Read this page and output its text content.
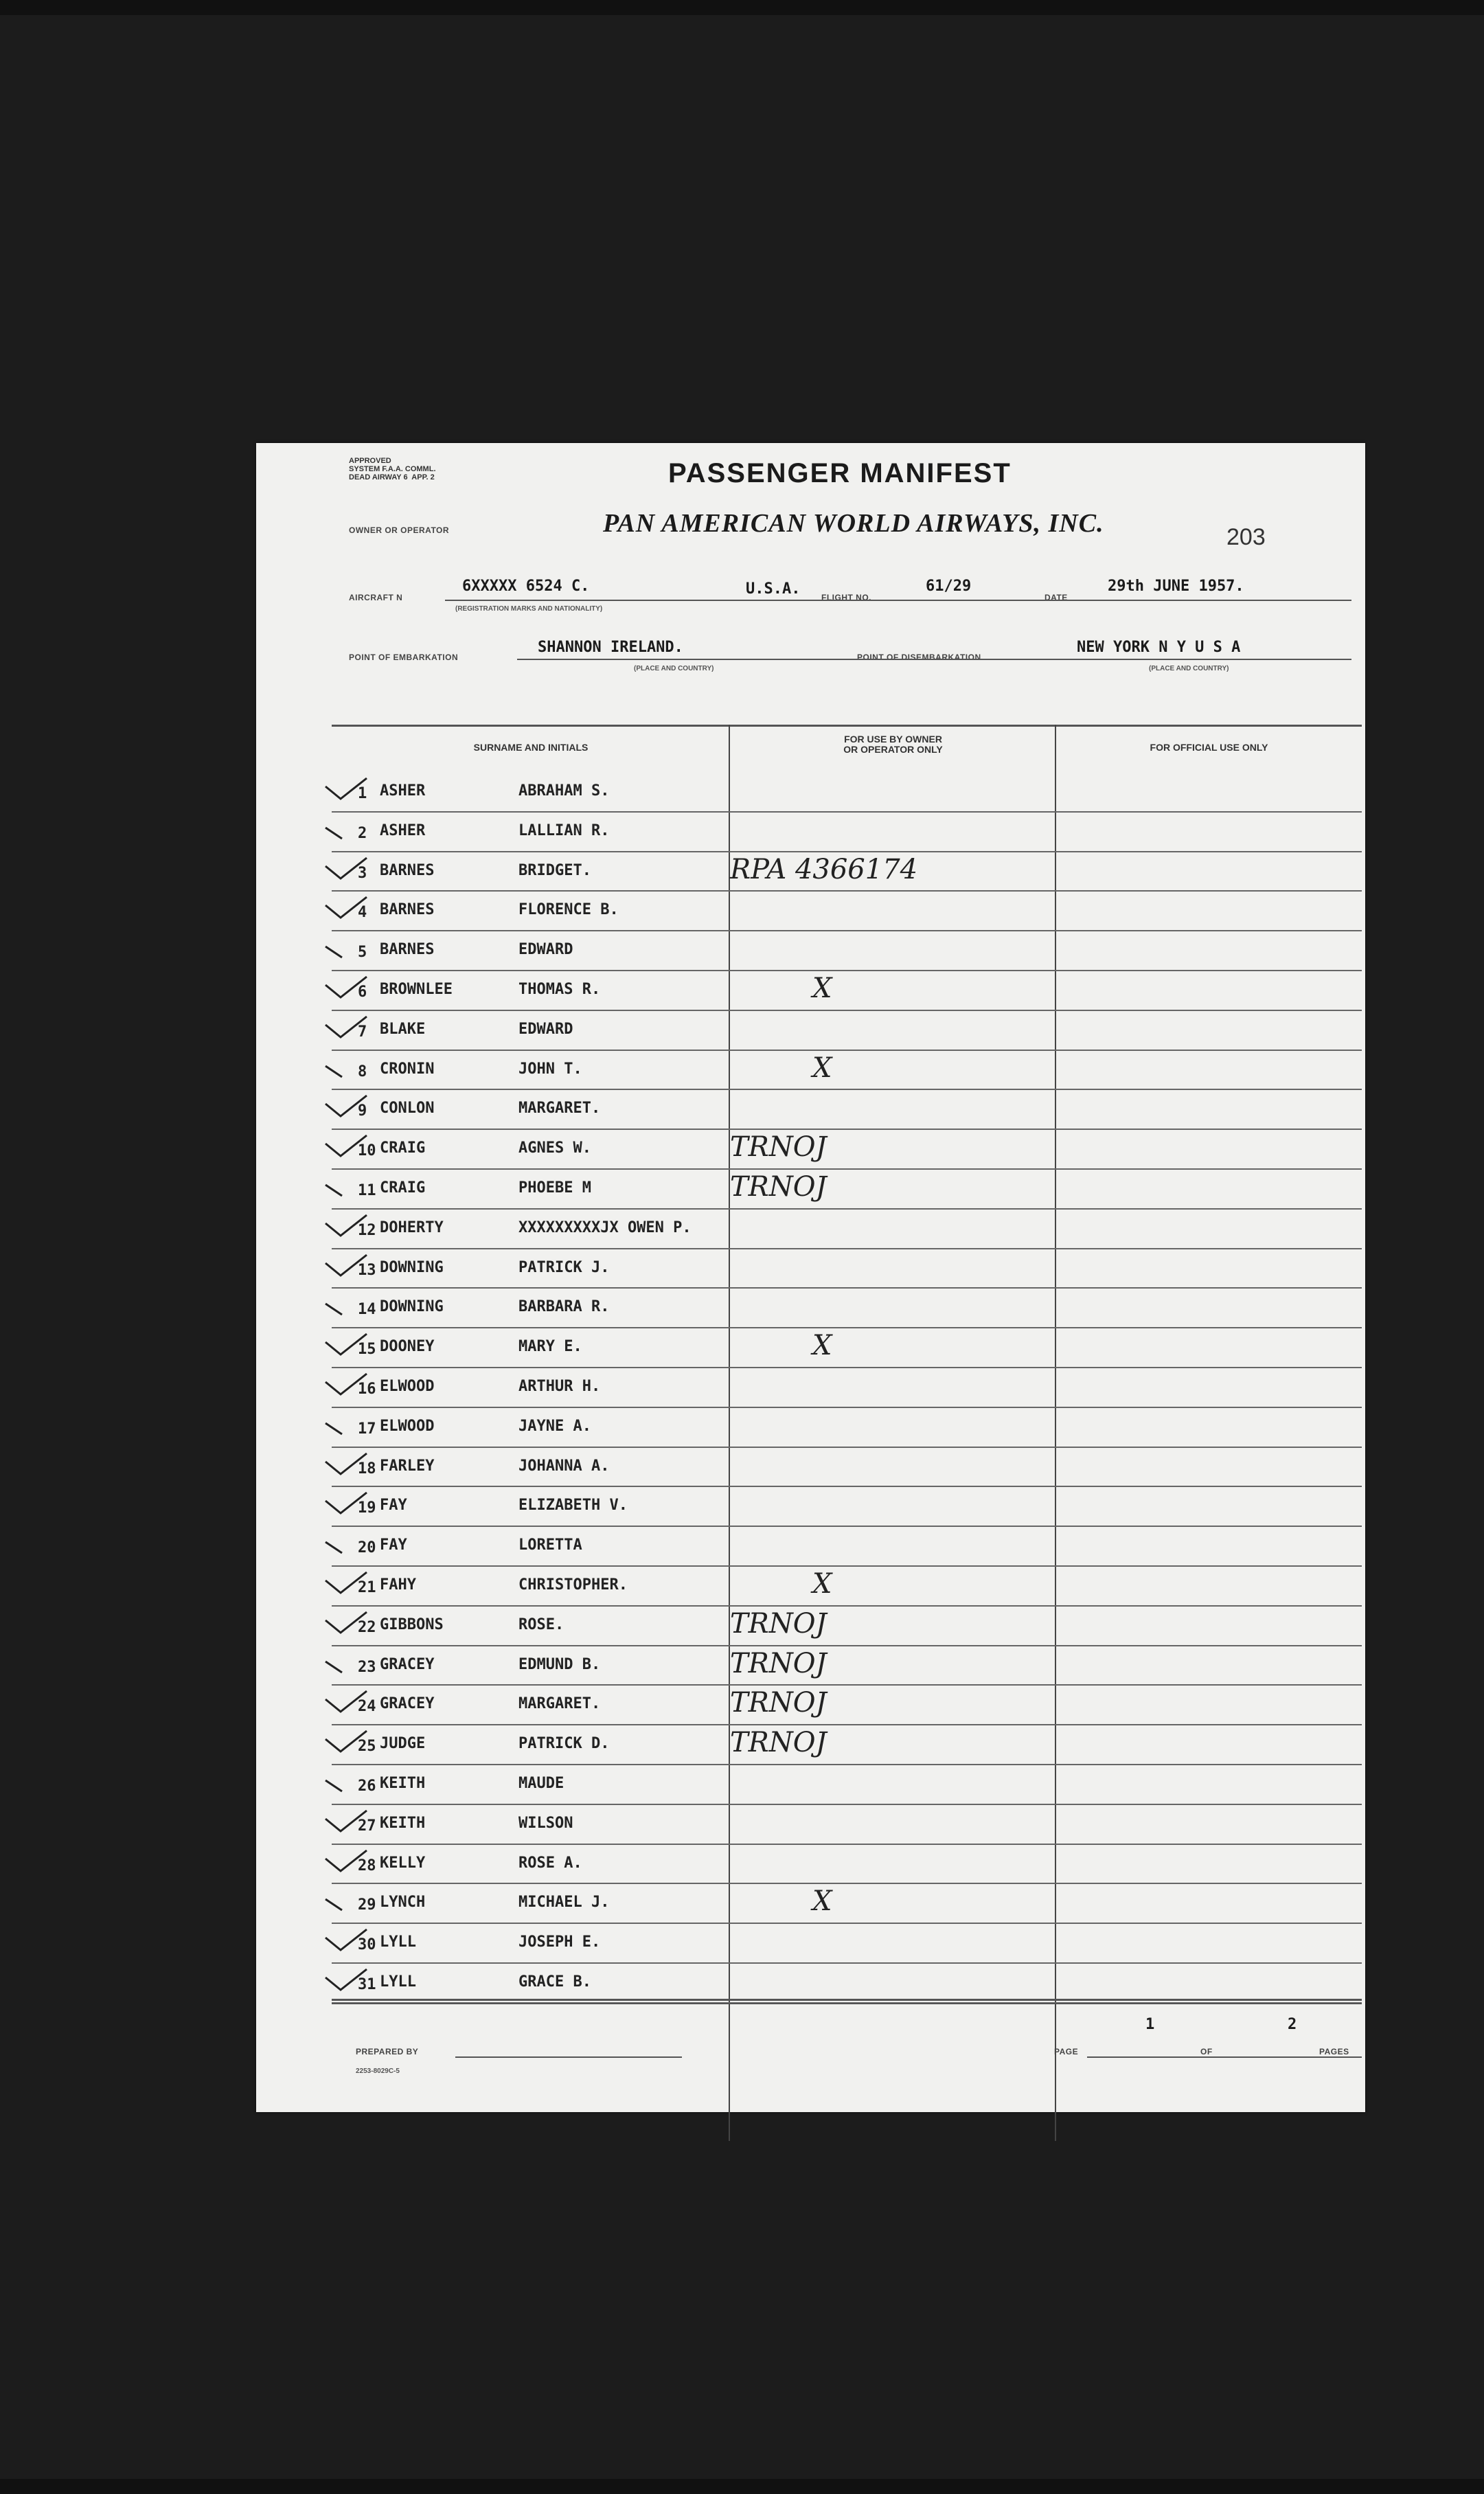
APPROVED
SYSTEM F.A.A. COMML.
DEAD AIRWAY 6  APP. 2	PASSENGER MANIFEST
PAN AMERICAN WORLD AIRWAYS, INC.
OWNER OR OPERATOR	203
AIRCRAFT N
6XXXXX 6524 C.
(REGISTRATION MARKS AND NATIONALITY)
U.S.A.	FLIGHT NO.
61/29
DATE
29th JUNE 1957.
POINT OF EMBARKATION
SHANNON IRELAND.
(PLACE AND COUNTRY)
POINT OF DISEMBARKATION
NEW YORK N Y U S A
(PLACE AND COUNTRY)
SURNAME AND INITIALS
FOR USE BY OWNER
OR OPERATOR ONLY	FOR OFFICIAL USE ONLY
1 ASHER	ABRAHAM S.
2 ASHER	LALLIAN R.
3 BARNES	BRIDGET.	RPA 4366174
4 BARNES	FLORENCE B.
5 BARNES	EDWARD
6 BROWNLEE	THOMAS R.	X
7 BLAKE	EDWARD
8 CRONIN	JOHN T.	X
9 CONLON	MARGARET.
10 CRAIG	AGNES W.	TRNOJ
11 CRAIG	PHOEBE M	TRNOJ
12 DOHERTY	XXXXXXXXXJX OWEN P.
13 DOWNING	PATRICK J.
14 DOWNING	BARBARA R.
15 DOONEY	MARY E.	X
16 ELWOOD	ARTHUR H.
17 ELWOOD	JAYNE A.
18 FARLEY	JOHANNA A.
19 FAY	ELIZABETH V.
20 FAY	LORETTA
21 FAHY	CHRISTOPHER.	X
22 GIBBONS	ROSE.	TRNOJ
23 GRACEY	EDMUND B.	TRNOJ
24 GRACEY	MARGARET.	TRNOJ
25 JUDGE	PATRICK D.	TRNOJ
26 KEITH	MAUDE
27 KEITH	WILSON
28 KELLY	ROSE A.
29 LYNCH	MICHAEL J.	X
30 LYLL	JOSEPH E.
31 LYLL	GRACE B.
PREPARED BY
2253-8029C-5
PAGE
1
OF
2
PAGES
